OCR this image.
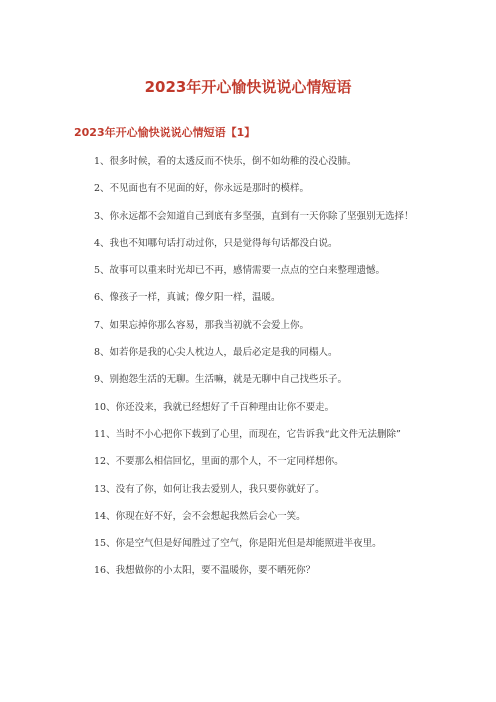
2023年开心愉快说说心情短语
2023年开心愉快说说心情短语【1】
1、很多时候，看的太透反而不快乐，倒不如幼稚的没心没肺。
2、不见面也有不见面的好，你永远是那时的模样。
3、你永远都不会知道自己到底有多坚强，直到有一天你除了坚强别无选择！
4、我也不知哪句话打动过你，只是觉得每句话都没白说。
5、故事可以重来时光却已不再，感情需要一点点的空白来整理遗憾。
6、像孩子一样，真诚；像夕阳一样，温暖。
7、如果忘掉你那么容易，那我当初就不会爱上你。
8、如若你是我的心尖人枕边人，最后必定是我的同榻人。
9、别抱怨生活的无聊。生活嘛，就是无聊中自己找些乐子。
10、你还没来，我就已经想好了千百种理由让你不要走。
11、当时不小心把你下载到了心里，而现在，它告诉我“此文件无法删除”
12、不要那么相信回忆，里面的那个人，不一定同样想你。
13、没有了你，如何让我去爱别人，我只要你就好了。
14、你现在好不好，会不会想起我然后会心一笑。
15、你是空气但是好闻胜过了空气，你是阳光但是却能照进半夜里。
16、我想做你的小太阳，要不温暖你，要不晒死你？
